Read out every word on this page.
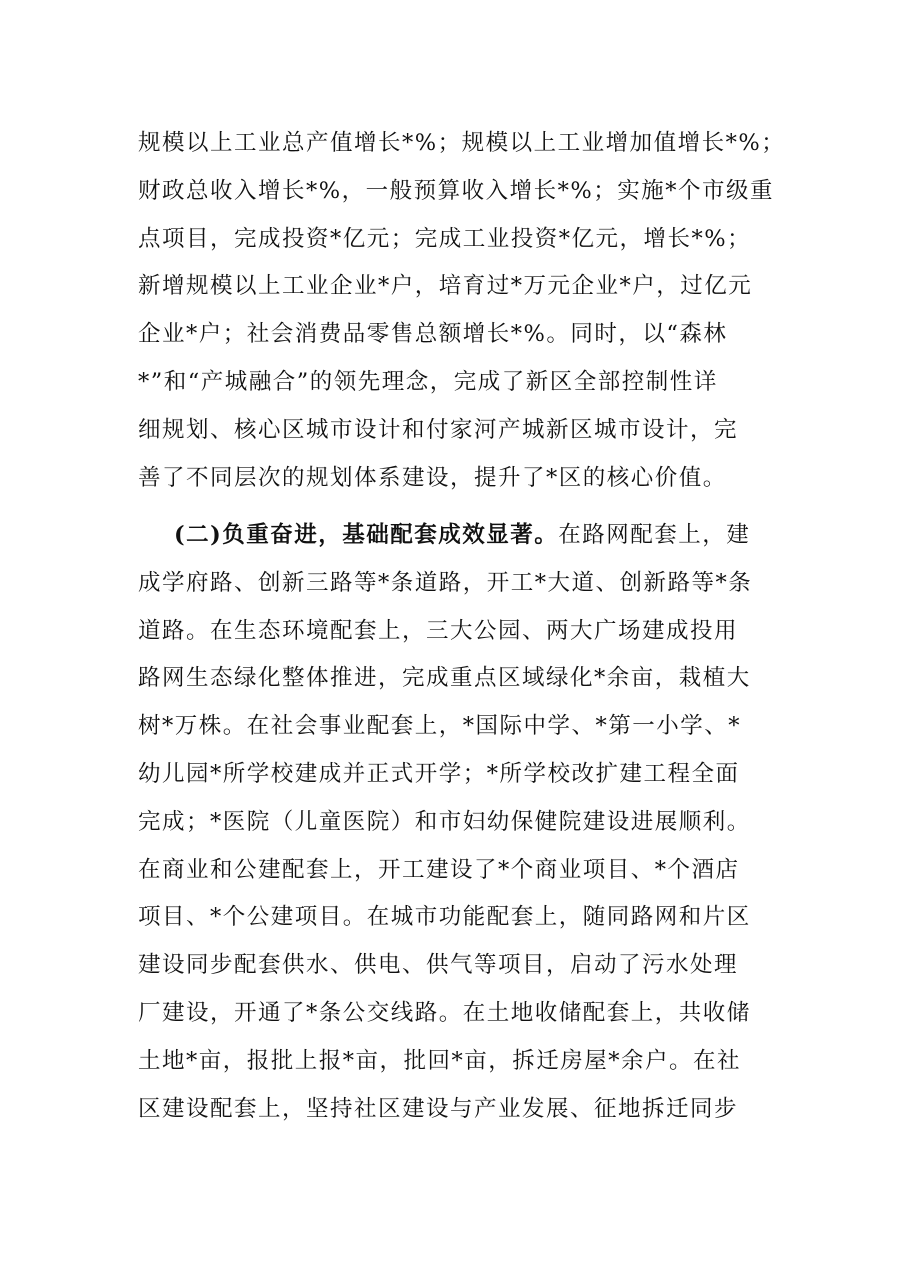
规模以上工业总产值增长*%；规模以上工业增加值增长*%；
财政总收入增长*%，一般预算收入增长*%；实施*个市级重
点项目，完成投资*亿元；完成工业投资*亿元，增长*%；
新增规模以上工业企业*户，培育过*万元企业*户，过亿元
企业*户；社会消费品零售总额增长*%。同时，以“森林
*”和“产城融合”的领先理念，完成了新区全部控制性详
细规划、核心区城市设计和付家河产城新区城市设计，完
善了不同层次的规划体系建设，提升了*区的核心价值。
(二)负重奋进，基础配套成效显著。在路网配套上，建
成学府路、创新三路等*条道路，开工*大道、创新路等*条
道路。在生态环境配套上，三大公园、两大广场建成投用
路网生态绿化整体推进，完成重点区域绿化*余亩，栽植大
树*万株。在社会事业配套上，*国际中学、*第一小学、*
幼儿园*所学校建成并正式开学；*所学校改扩建工程全面
完成；*医院（儿童医院）和市妇幼保健院建设进展顺利。
在商业和公建配套上，开工建设了*个商业项目、*个酒店
项目、*个公建项目。在城市功能配套上，随同路网和片区
建设同步配套供水、供电、供气等项目，启动了污水处理
厂建设，开通了*条公交线路。在土地收储配套上，共收储
土地*亩，报批上报*亩，批回*亩，拆迁房屋*余户。在社
区建设配套上，坚持社区建设与产业发展、征地拆迁同步
